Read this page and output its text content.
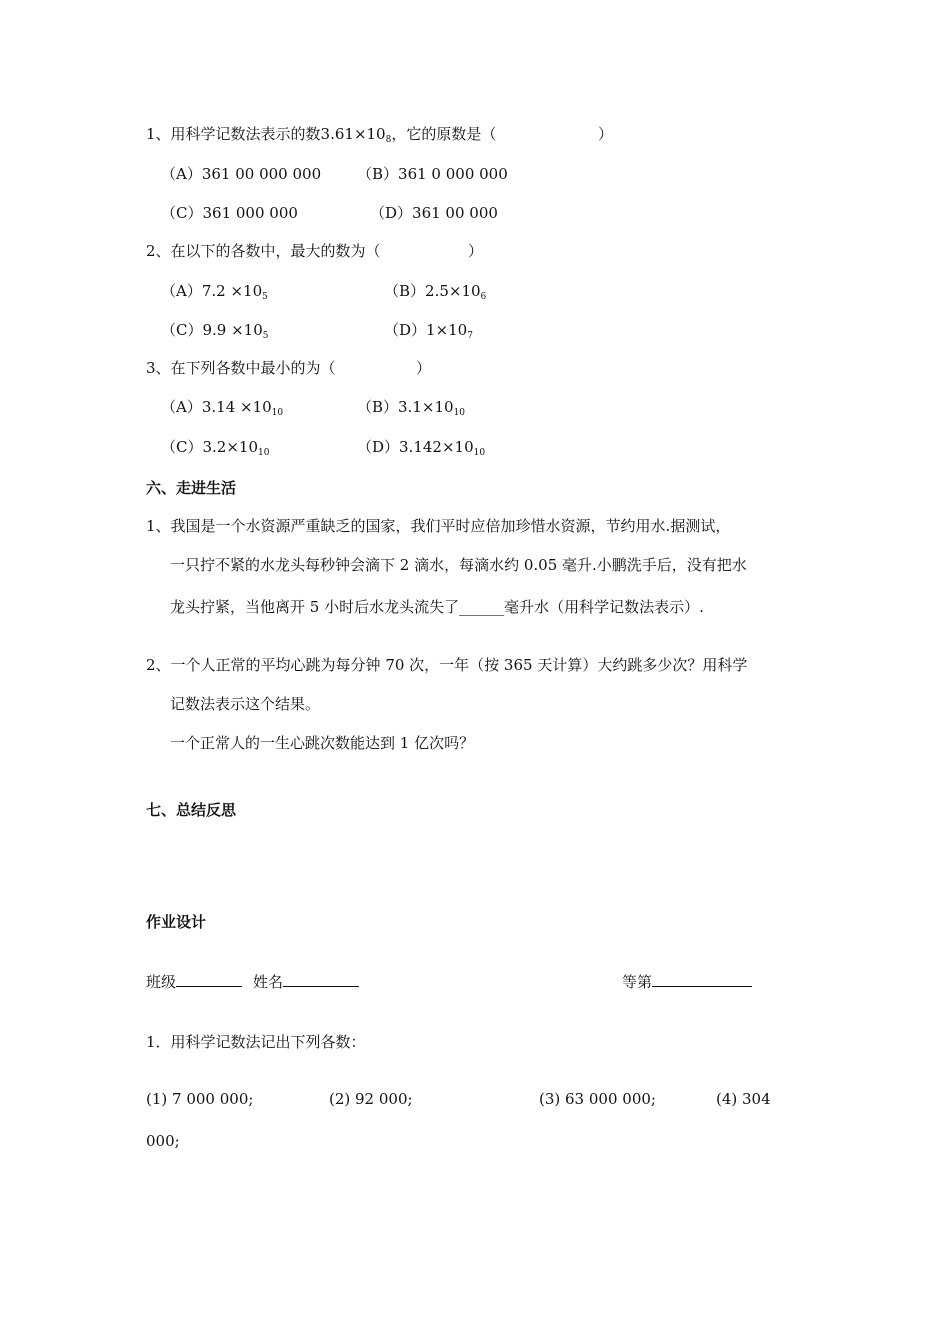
1、用科学记数法表示的数$3.61\times 10^8$，它的原数是（	）
（A）361 00 000 000 （B）361 0 000 000
（C）361 000 000	（D）361 00 000
2、在以下的各数中，最大的数为（	）
$(A)7.2 \times 10^5$	$(B)2.5\times 10^6$
$(C)9.9 \times 10^5$	$(D)1\times 10^7$
3、在下列各数中最小的为（	）
$(A)3.14 \times 10^{10}$	$(B)3.1\times 10^{10}$
$(C)3.2\times 10^{10}$	$(D)3.142\times 10^{10}$
六、走进生活
1、我国是一个水资源严重缺乏的国家，我们平时应倍加珍惜水资源，节约用水.据测试，
一只拧不紧的水龙头每秒钟会滴下 2 滴水，每滴水约 0.05 毫升.小鹏洗手后，没有把水
龙头拧紧，当他离开 5 小时后水龙头流失了______毫升水（用科学记数法表示）.
2、一个人正常的平均心跳为每分钟 70 次，一年（按 365 天计算）大约跳多少次？用科学
记数法表示这个结果。
一个正常人的一生心跳次数能达到 1 亿次吗？
七、总结反思
作业设计
班级	姓名	等第
1．用科学记数法记出下列各数：
(1) 7 000 000;	(2) 92 000;	(3) 63 000 000;	(4) 304
000;
